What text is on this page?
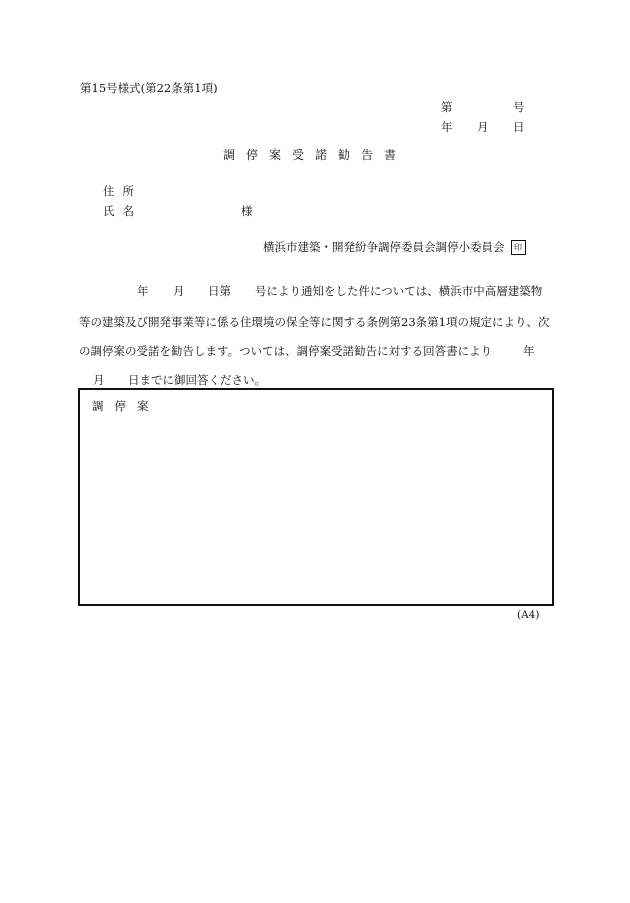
第15号様式(第22条第1項)
第	号
年 月 日
調停案受諾勧告書
住所
氏名	様
横浜市建築・開発紛争調停委員会調停小委員会 印
年 月 日第 号により通知をした件については、横浜市中高層建築物
等の建築及び開発事業等に係る住環境の保全等に関する条例第23条第1項の規定により、次
の調停案の受諾を勧告します。ついては、調停案受諾勧告に対する回答書により	年
月 日までに御回答ください。
調停案
(A4)
